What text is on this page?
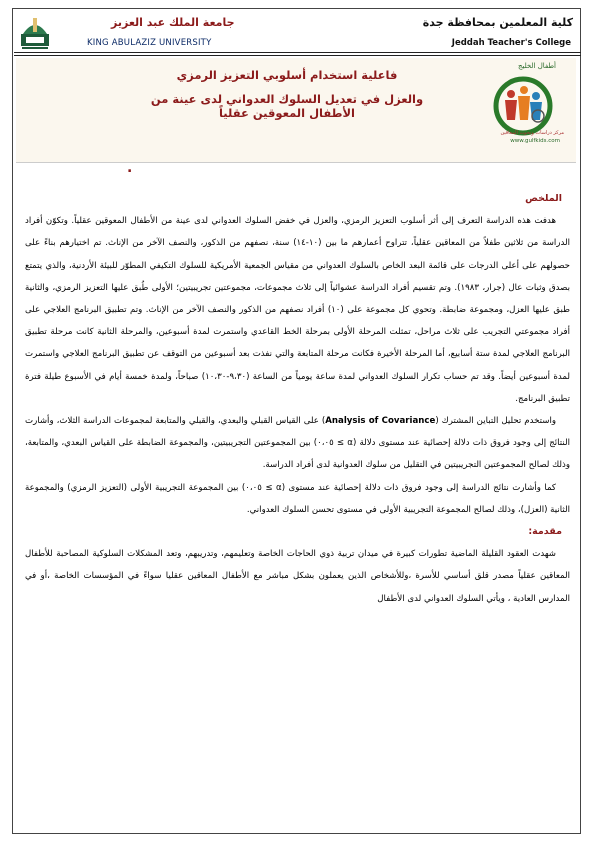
جامعة الملك عبد العزيز
KING ABULAZIZ UNIVERSITY
كلية المعلمين بمحافظة جدة
Jeddah Teacher's College
فاعلية استخدام أسلوبي التعزيز الرمزي
والعزل في تعديل السلوك العدواني لدى عينة من الأطفال المعوقين عقلياً
أطفال الخليج
مركز دراسات وبحوث المعاقين
www.gulfkids.com
.

الملخص

هدفت هذه الدراسة التعرف إلى أثر أسلوب التعزيز الرمزي، والعزل في خفض السلوك العدواني لدى عينة من الأطفال المعوقين عقلياً. وتكوّن أفراد الدراسة من ثلاثين طفلاً من المعاقين عقلياً، تتراوح أعمارهم ما بين (١٠-١٤) سنة، نصفهم من الذكور، والنصف الآخر من الإناث. تم اختيارهم بناءً على حصولهم على أعلى الدرجات على قائمة البعد الخاص بالسلوك العدواني من مقياس الجمعية الأمريكية للسلوك التكيفي المطوّر للبيئة الأردنية، والذي يتمتع بصدق وثبات عال (جرار، ١٩٨٣). وتم تقسيم أفراد الدراسة عشوائياً إلى ثلاث مجموعات، مجموعتين تجريبيتين؛ الأولى طُبق عليها التعزيز الرمزي، والثانية طبق عليها العزل، ومجموعة ضابطة. وتحوي كل مجموعة على (١٠) أفراد نصفهم من الذكور والنصف الآخر من الإناث. وتم تطبيق البرنامج العلاجي على أفراد مجموعتي التجريب على ثلاث مراحل، تمثلت المرحلة الأولى بمرحلة الخط القاعدي واستمرت لمدة أسبوعين، والمرحلة الثانية كانت مرحلة تطبيق البرنامج العلاجي لمدة ستة أسابيع، أما المرحلة الأخيرة فكانت مرحلة المتابعة والتي نفذت بعد أسبوعين من التوقف عن تطبيق البرنامج العلاجي واستمرت لمدة أسبوعين أيضاً. وقد تم حساب تكرار السلوك العدواني لمدة ساعة يومياً من الساعة (٩،٣٠-١٠،٣٠) صباحاً، ولمدة خمسة أيام في الأسبوع طيلة فترة تطبيق البرنامج.

واستخدم تحليل التباين المشترك (Analysis of Covariance) على القياس القبلي والبعدي، والقبلي والمتابعة لمجموعات الدراسة الثلاث، وأشارت النتائج إلى وجود فروق ذات دلالة إحصائية عند مستوى دلالة (α ≥ ٠،٠٥) بين المجموعتين التجريبيتين، والمجموعة الضابطة على القياس البعدي، والمتابعة، وذلك لصالح المجموعتين التجريبيتين في التقليل من سلوك العدوانية لدى أفراد الدراسة.

كما وأشارت نتائج الدراسة إلى وجود فروق ذات دلالة إحصائية عند مستوى (α ≥ ٠،٠٥) بين المجموعة التجريبية الأولى (التعزيز الرمزي) والمجموعة الثانية (العزل)، وذلك لصالح المجموعة التجريبية الأولى في مستوى تحسن السلوك العدواني.

مقدمة:

شهدت العقود القليلة الماضية تطورات كبيرة في ميدان تربية ذوي الحاجات الخاصة وتعليمهم، وتدريبهم، وتعد المشكلات السلوكية المصاحبة للأطفال المعاقين عقلياً مصدر قلق أساسي للأسرة ،وللأشخاص الذين يعملون بشكل مباشر مع الأطفال المعاقين عقليا سواءً في المؤسسات الخاصة ،أو في المدارس العادية ، ويأتي السلوك العدواني لدى الأطفال
